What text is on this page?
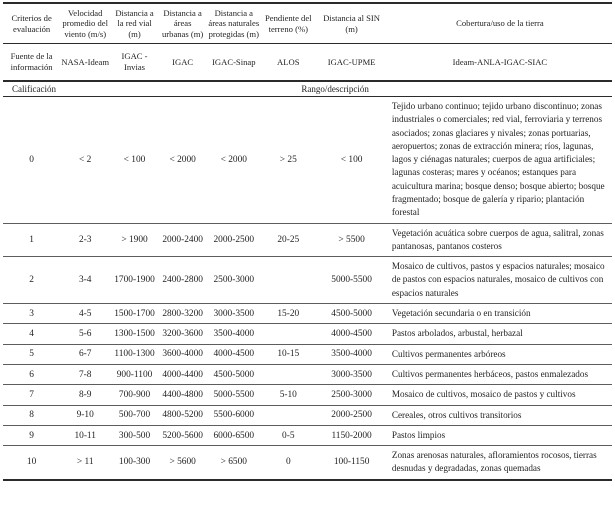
Criterios de evaluación	Velocidad promedio del viento (m/s)	Distancia a la red vial (m)	Distancia a áreas urbanas (m)	Distancia a áreas naturales protegidas (m)	Pendiente del terreno (%)	Distancia al SIN (m)	Cobertura/uso de la tierra
Fuente de la información	NASA-Ideam	IGAC - Invias	IGAC	IGAC-Sinap	ALOS	IGAC-UPME	Ideam-ANLA-IGAC-SIAC
Calificación	Rango/descripción						
0	< 2	< 100	< 2000	< 2000	> 25	< 100	Tejido urbano continuo; tejido urbano discontinuo; zonas industriales o comerciales; red vial, ferroviaria y terrenos asociados; zonas glaciares y nivales; zonas portuarias, aeropuertos; zonas de extracción minera; ríos, lagunas, lagos y ciénagas naturales; cuerpos de agua artificiales; lagunas costeras; mares y océanos; estanques para acuicultura marina; bosque denso; bosque abierto; bosque fragmentado; bosque de galería y ripario; plantación forestal
1	2-3	> 1900	2000-2400	2000-2500	20-25	> 5500	Vegetación acuática sobre cuerpos de agua, salitral, zonas pantanosas, pantanos costeros
2	3-4	1700-1900	2400-2800	2500-3000		5000-5500	Mosaico de cultivos, pastos y espacios naturales; mosaico de pastos con espacios naturales, mosaico de cultivos con espacios naturales
3	4-5	1500-1700	2800-3200	3000-3500	15-20	4500-5000	Vegetación secundaria o en transición
4	5-6	1300-1500	3200-3600	3500-4000		4000-4500	Pastos arbolados, arbustal, herbazal
5	6-7	1100-1300	3600-4000	4000-4500	10-15	3500-4000	Cultivos permanentes arbóreos
6	7-8	900-1100	4000-4400	4500-5000		3000-3500	Cultivos permanentes herbáceos, pastos enmalezados
7	8-9	700-900	4400-4800	5000-5500	5-10	2500-3000	Mosaico de cultivos, mosaico de pastos y cultivos
8	9-10	500-700	4800-5200	5500-6000		2000-2500	Cereales, otros cultivos transitorios
9	10-11	300-500	5200-5600	6000-6500	0-5	1150-2000	Pastos limpios
10	> 11	100-300	> 5600	> 6500	0	100-1150	Zonas arenosas naturales, afloramientos rocosos, tierras desnudas y degradadas, zonas quemadas
